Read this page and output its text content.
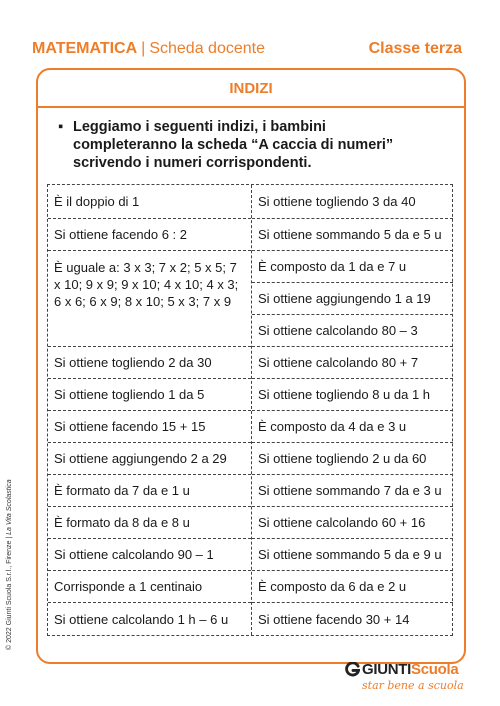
MATEMATICA | Scheda docente	Classe terza
INDIZI
▪ Leggiamo i seguenti indizi, i bambini completeranno la scheda “A caccia di numeri” scrivendo i numeri corrispondenti.
È il doppio di 1
Si ottiene facendo 6 : 2
È uguale a: 3 x 3; 7 x 2; 5 x 5; 7 x 10; 9 x 9; 9 x 10; 4 x 10; 4 x 3; 6 x 6; 6 x 9; 8 x 10; 5 x 3; 7 x 9
Si ottiene togliendo 2 da 30
Si ottiene togliendo 1 da 5
Si ottiene facendo 15 + 15
Si ottiene aggiungendo 2 a 29
È formato da 7 da e 1 u
È formato da 8 da e 8 u
Si ottiene calcolando 90 – 1
Corrisponde a 1 centinaio
Si ottiene calcolando 1 h – 6 u
Si ottiene togliendo 3 da 40
Si ottiene sommando 5 da e 5 u
È composto da 1 da e 7 u
Si ottiene aggiungendo 1 a 19
Si ottiene calcolando 80 – 3
Si ottiene calcolando 80 + 7
Si ottiene togliendo 8 u da 1 h
È composto da 4 da e 3 u
Si ottiene togliendo 2 u da 60
Si ottiene sommando 7 da e 3 u
Si ottiene calcolando 60 + 16
Si ottiene sommando 5 da e 9 u
È composto da 6 da e 2 u
Si ottiene facendo 30 + 14
© 2022 Giunti Scuola S.r.l., Firenze | La Vita Scolastica
GIUNTIScuola
star bene a scuola
